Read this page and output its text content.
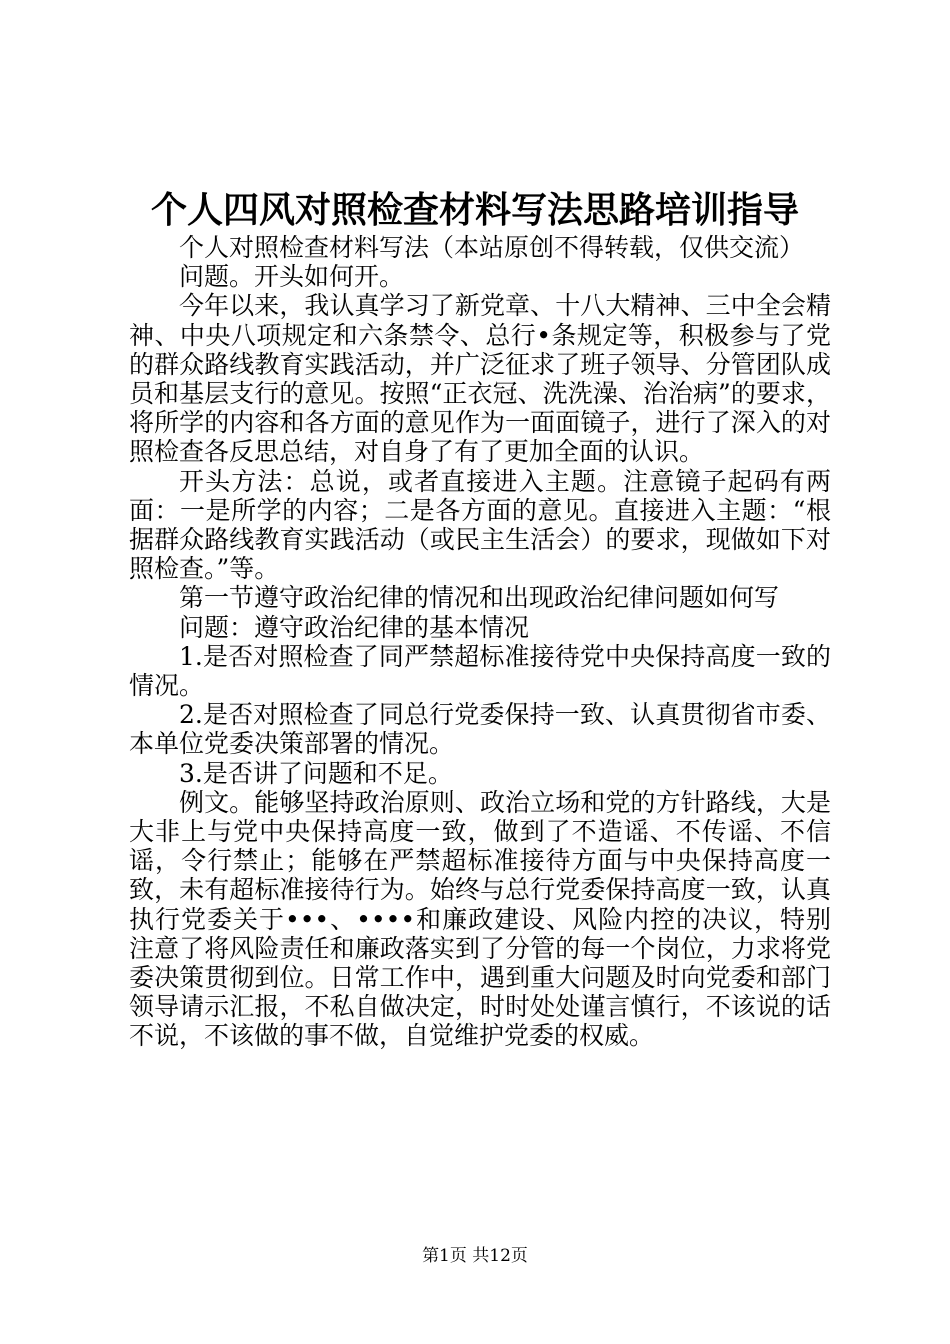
个人四风对照检查材料写法思路培训指导

个人对照检查材料写法（本站原创不得转载，仅供交流）

问题。开头如何开。

今年以来，我认真学习了新党章、十八大精神、三中全会精神、中央八项规定和六条禁令、总行•条规定等，积极参与了党的群众路线教育实践活动，并广泛征求了班子领导、分管团队成员和基层支行的意见。按照“正衣冠、洗洗澡、治治病”的要求，将所学的内容和各方面的意见作为一面面镜子，进行了深入的对照检查各反思总结，对自身了有了更加全面的认识。

开头方法：总说，或者直接进入主题。注意镜子起码有两面：一是所学的内容；二是各方面的意见。直接进入主题：“根据群众路线教育实践活动（或民主生活会）的要求，现做如下对照检查。”等。

第一节遵守政治纪律的情况和出现政治纪律问题如何写

问题：遵守政治纪律的基本情况

1.是否对照检查了同严禁超标准接待党中央保持高度一致的情况。

2.是否对照检查了同总行党委保持一致、认真贯彻省市委、本单位党委决策部署的情况。

3.是否讲了问题和不足。

例文。能够坚持政治原则、政治立场和党的方针路线，大是大非上与党中央保持高度一致，做到了不造谣、不传谣、不信谣，令行禁止；能够在严禁超标准接待方面与中央保持高度一致，未有超标准接待行为。始终与总行党委保持高度一致，认真执行党委关于•••、••••和廉政建设、风险内控的决议，特别注意了将风险责任和廉政落实到了分管的每一个岗位，力求将党委决策贯彻到位。日常工作中，遇到重大问题及时向党委和部门领导请示汇报，不私自做决定，时时处处谨言慎行，不该说的话不说，不该做的事不做，自觉维护党委的权威。

第1页 共12页
